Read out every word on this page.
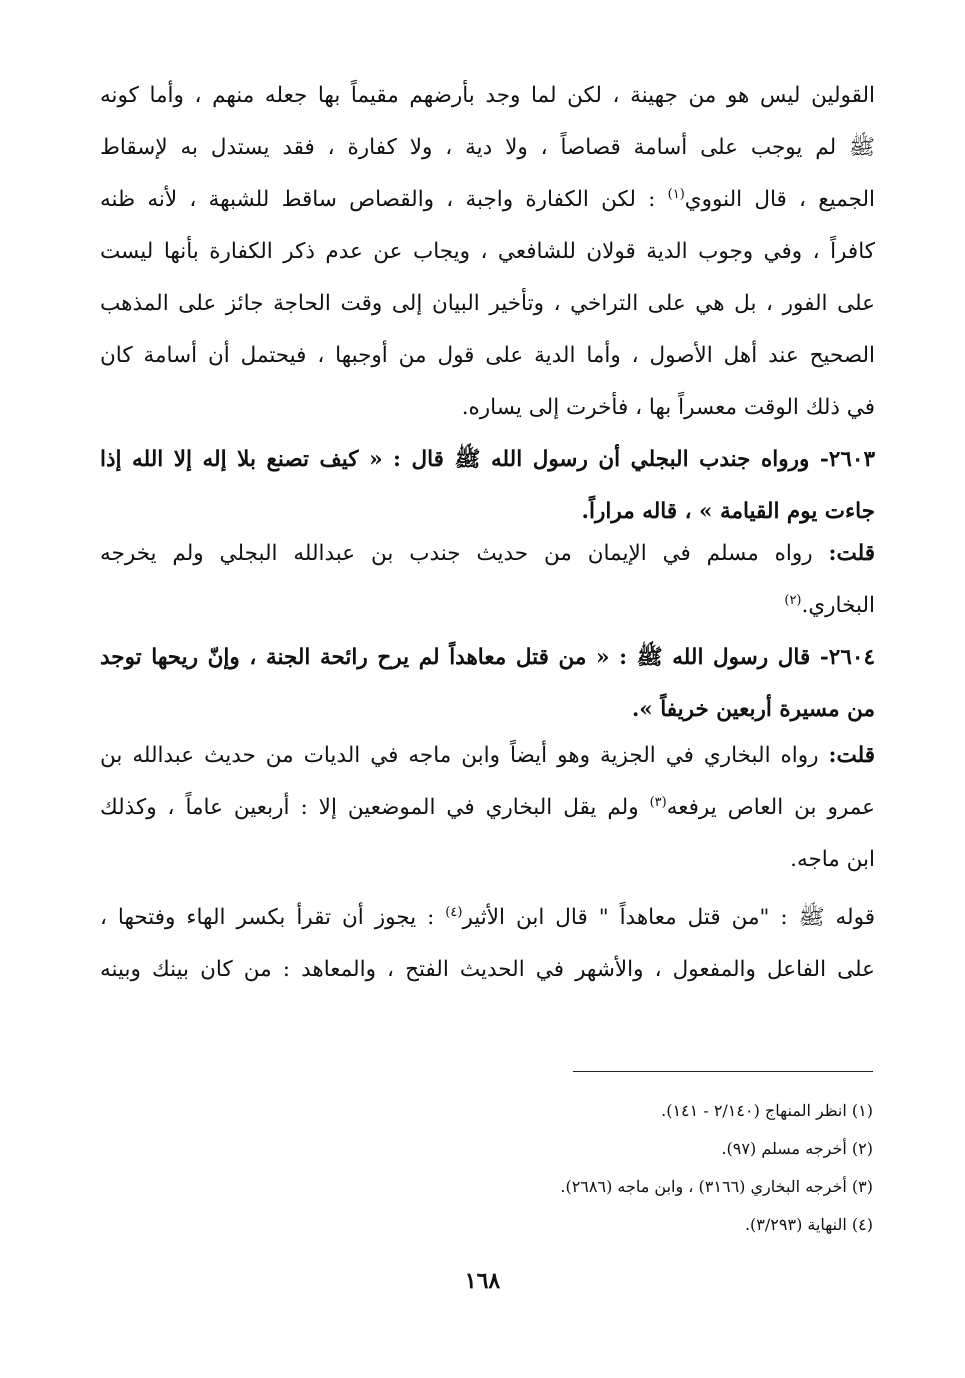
القولين ليس هو من جهينة ، لكن لما وجد بأرضهم مقيماً بها جعله منهم ، وأما كونه
ﷺ لم يوجب على أسامة قصاصاً ، ولا دية ، ولا كفارة ، فقد يستدل به لإسقاط
الجميع ، قال النووي$^{(١)}$ : لكن الكفارة واجبة ، والقصاص ساقط للشبهة ، لأنه ظنه
كافراً ، وفي وجوب الدية قولان للشافعي ، ويجاب عن عدم ذكر الكفارة بأنها ليست
على الفور ، بل هي على التراخي ، وتأخير البيان إلى وقت الحاجة جائز على المذهب
الصحيح عند أهل الأصول ، وأما الدية على قول من أوجبها ، فيحتمل أن أسامة كان
في ذلك الوقت معسراً بها ، فأخرت إلى يساره.
٢٦٠٣- ورواه جندب البجلي أن رسول الله ﷺ قال : « كيف تصنع بلا إله إلا الله إذا
جاءت يوم القيامة » ، قاله مراراً.
قلت: رواه مسلم في الإيمان من حديث جندب بن عبدالله البجلي ولم يخرجه
البخاري.$^{(٢)}$
٢٦٠٤- قال رسول الله ﷺ : « من قتل معاهداً لم يرح رائحة الجنة ، وإنّ ريحها توجد
من مسيرة أربعين خريفاً ».
قلت: رواه البخاري في الجزية وهو أيضاً وابن ماجه في الديات من حديث عبدالله بن
عمرو بن العاص يرفعه$^{(٣)}$ ولم يقل البخاري في الموضعين إلا : أربعين عاماً ، وكذلك
ابن ماجه.
قوله ﷺ : "من قتل معاهداً " قال ابن الأثير$^{(٤)}$ : يجوز أن تقرأ بكسر الهاء وفتحها ،
على الفاعل والمفعول ، والأشهر في الحديث الفتح ، والمعاهد : من كان بينك وبينه
(١) انظر المنهاج (٢/١٤٠ - ١٤١).
(٢) أخرجه مسلم (٩٧).
(٣) أخرجه البخاري (٣١٦٦) ، وابن ماجه (٢٦٨٦).
(٤) النهاية (٣/٢٩٣).
١٦٨
